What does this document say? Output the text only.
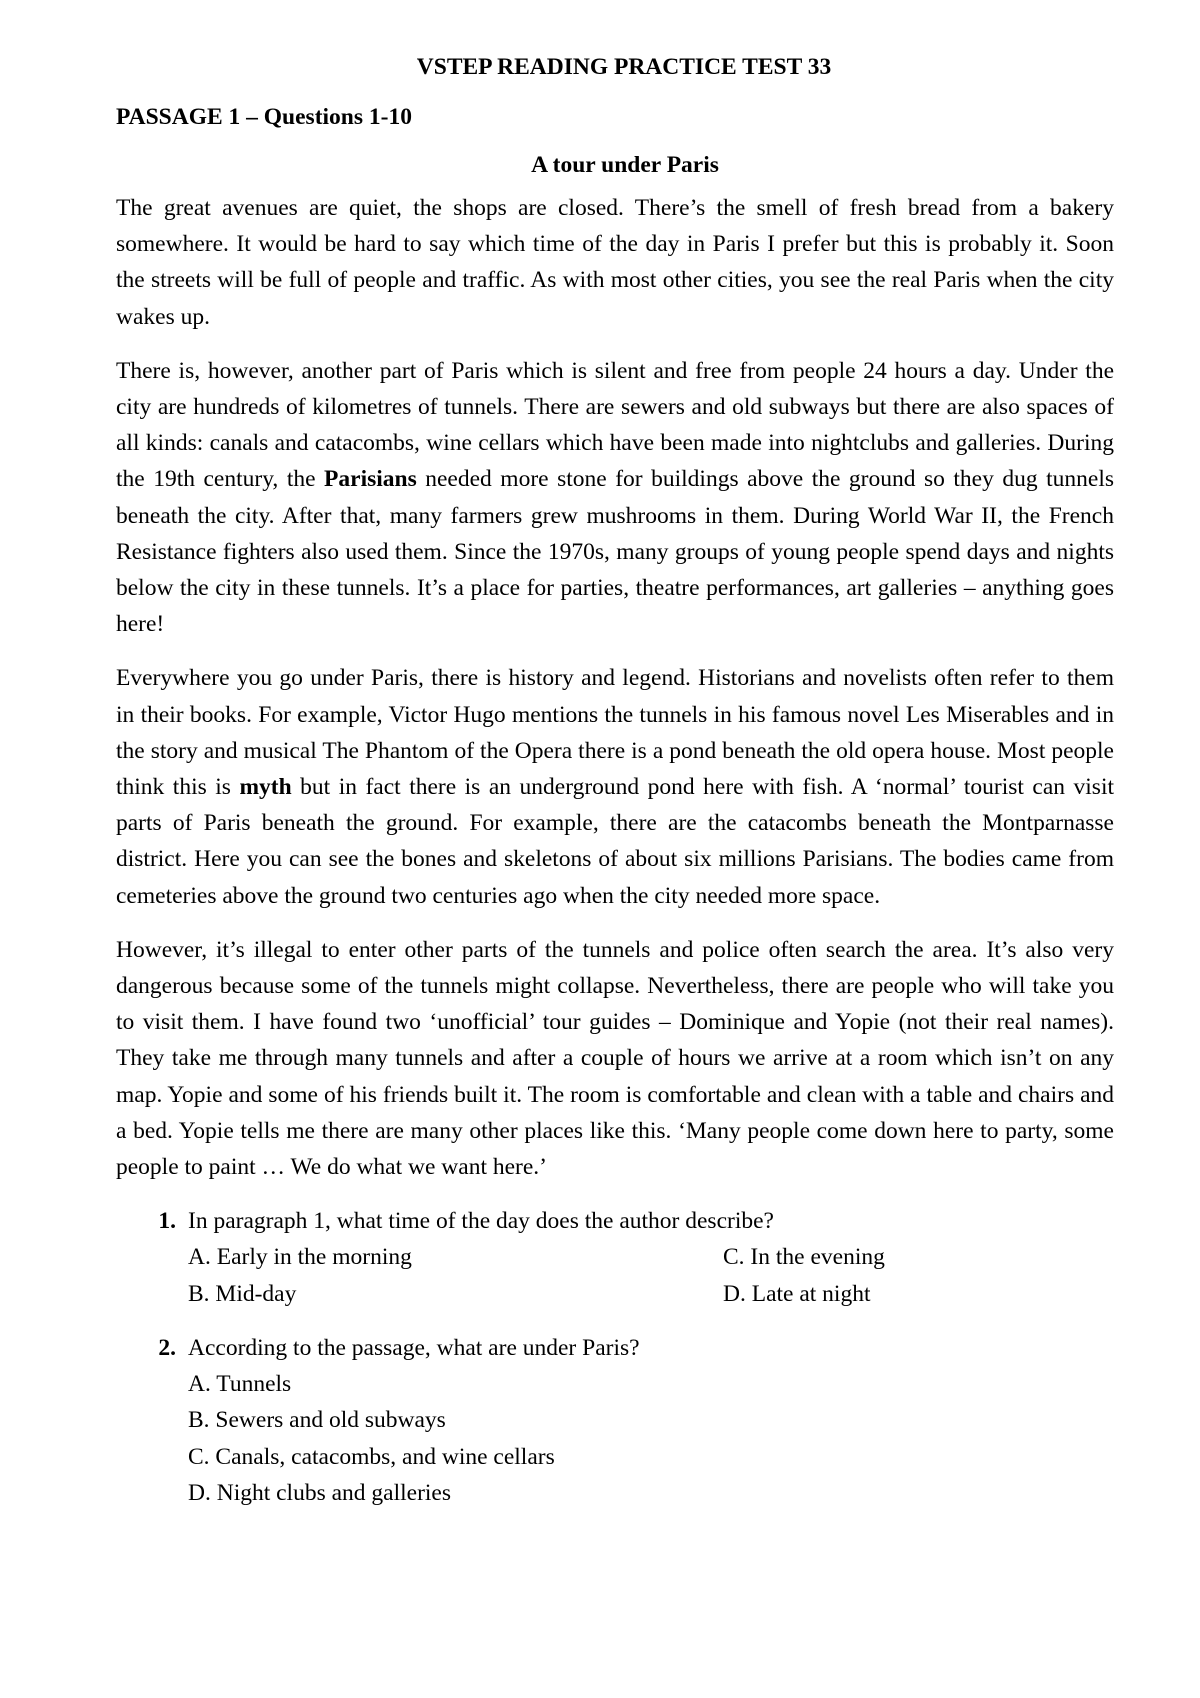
VSTEP READING PRACTICE TEST 33
PASSAGE 1 – Questions 1-10
A tour under Paris

The great avenues are quiet, the shops are closed. There’s the smell of fresh bread from a bakery somewhere. It would be hard to say which time of the day in Paris I prefer but this is probably it. Soon the streets will be full of people and traffic. As with most other cities, you see the real Paris when the city wakes up.

There is, however, another part of Paris which is silent and free from people 24 hours a day. Under the city are hundreds of kilometres of tunnels. There are sewers and old subways but there are also spaces of all kinds: canals and catacombs, wine cellars which have been made into nightclubs and galleries. During the 19th century, the Parisians needed more stone for buildings above the ground so they dug tunnels beneath the city. After that, many farmers grew mushrooms in them. During World War II, the French Resistance fighters also used them. Since the 1970s, many groups of young people spend days and nights below the city in these tunnels. It’s a place for parties, theatre performances, art galleries – anything goes here!

Everywhere you go under Paris, there is history and legend. Historians and novelists often refer to them in their books. For example, Victor Hugo mentions the tunnels in his famous novel Les Miserables and in the story and musical The Phantom of the Opera there is a pond beneath the old opera house. Most people think this is myth but in fact there is an underground pond here with fish. A ‘normal’ tourist can visit parts of Paris beneath the ground. For example, there are the catacombs beneath the Montparnasse district. Here you can see the bones and skeletons of about six millions Parisians. The bodies came from cemeteries above the ground two centuries ago when the city needed more space.

However, it’s illegal to enter other parts of the tunnels and police often search the area. It’s also very dangerous because some of the tunnels might collapse. Nevertheless, there are people who will take you to visit them. I have found two ‘unofficial’ tour guides – Dominique and Yopie (not their real names). They take me through many tunnels and after a couple of hours we arrive at a room which isn’t on any map. Yopie and some of his friends built it. The room is comfortable and clean with a table and chairs and a bed. Yopie tells me there are many other places like this. ‘Many people come down here to party, some people to paint … We do what we want here.’

1. In paragraph 1, what time of the day does the author describe?
A. Early in the morning	C. In the evening
B. Mid-day	D. Late at night
2. According to the passage, what are under Paris?
A. Tunnels
B. Sewers and old subways
C. Canals, catacombs, and wine cellars
D. Night clubs and galleries
